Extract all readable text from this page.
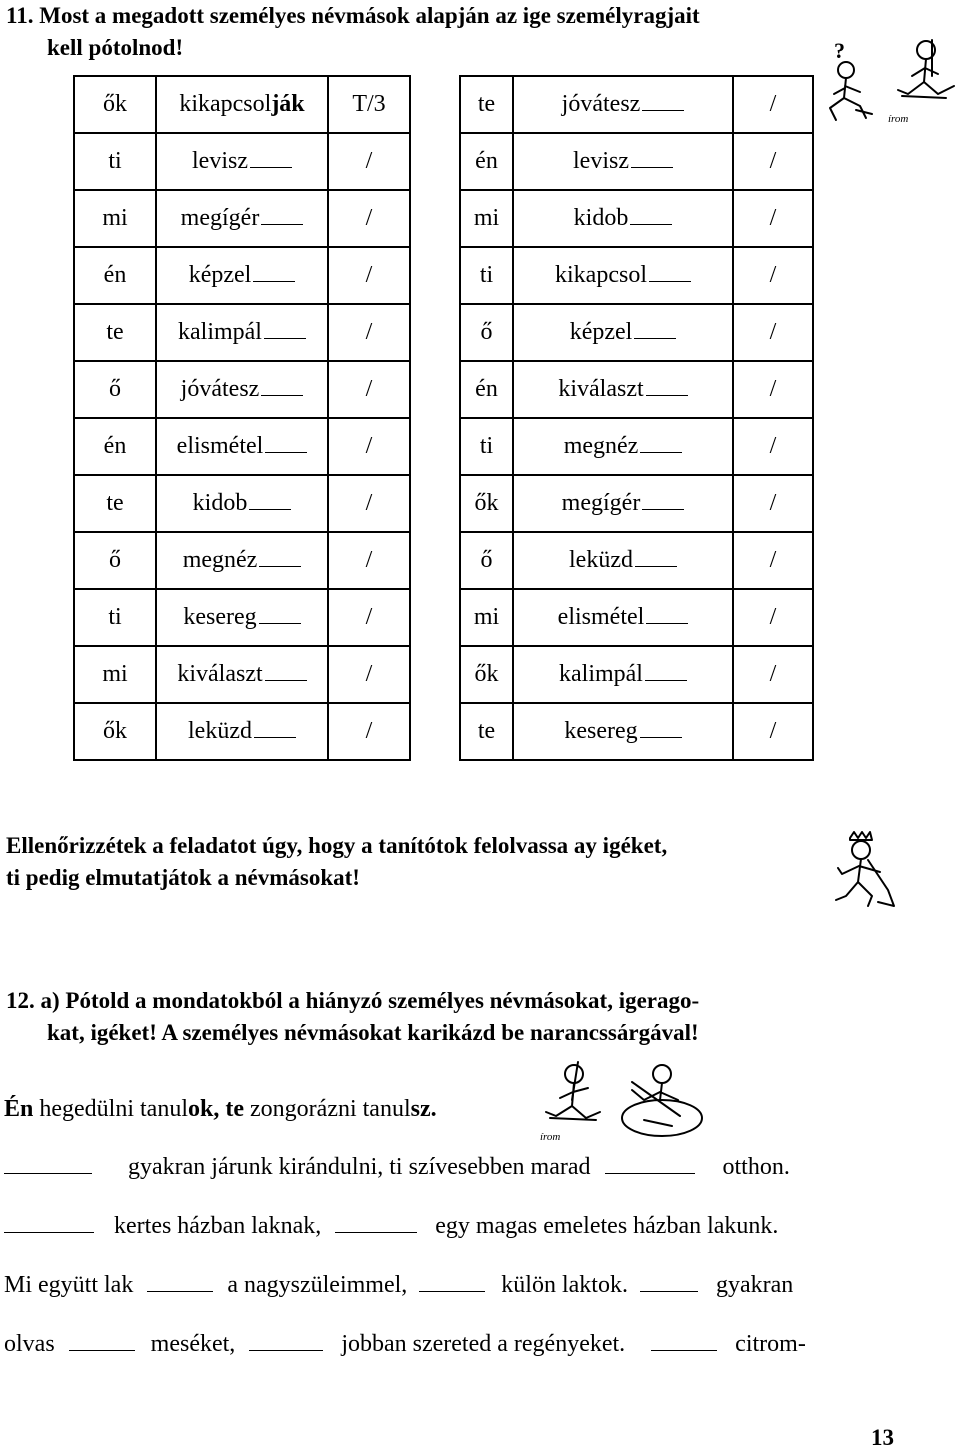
11. Most a megadott személyes névmások alapján az ige személyragjait
kell pótolnod!
ők	kikapcsolják	T/3
ti	levisz	/
mi	megígér	/
én	képzel	/
te	kalimpál	/
ő	jóvátesz	/
én	elismétel	/
te	kidob	/
ő	megnéz	/
ti	kesereg	/
mi	kiválaszt	/
ők	leküzd	/
te	jóvátesz	/
én	levisz	/
mi	kidob	/
ti	kikapcsol	/
ő	képzel	/
én	kiválaszt	/
ti	megnéz	/
ők	megígér	/
ő	leküzd	/
mi	elismétel	/
ők	kalimpál	/
te	kesereg	/
?
írom
Ellenőrizzétek a feladatot úgy, hogy a tanítótok felolvassa ay igéket,
ti pedig elmutatjátok a névmásokat!
12. a) Pótold a mondatokból a hiányzó személyes névmásokat, igerago-
kat, igéket! A személyes névmásokat karikázd be narancssárgával!
Én hegedülni tanulok, te zongorázni tanulsz.
írom
gyakran járunk kirándulni, ti szívesebben marad	otthon.
kertes házban laknak,	egy magas emeletes házban lakunk.
Mi együtt lak	a nagyszüleimmel,	külön laktok.	gyakran
olvas	meséket,	jobban szereted a regényeket.	citrom-
13
